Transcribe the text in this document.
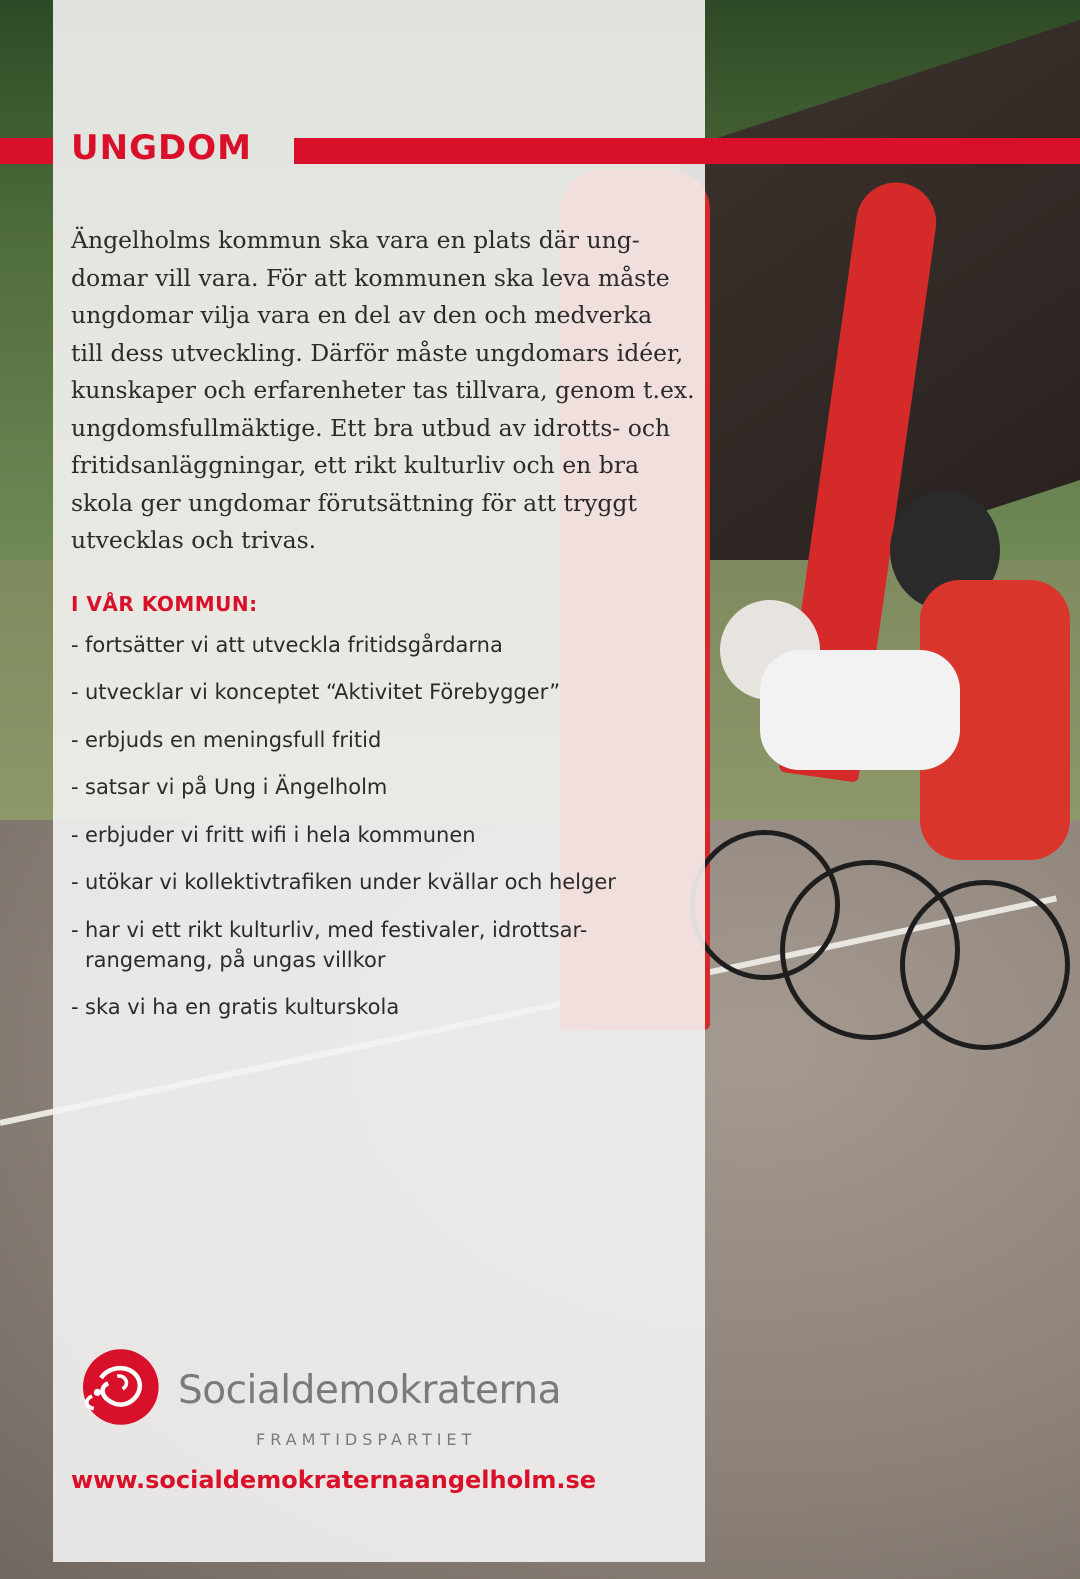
UNGDOM

Ängelholms kommun ska vara en plats där ung-
domar vill vara. För att kommunen ska leva måste
ungdomar vilja vara en del av den och medverka
till dess utveckling. Därför måste ungdomars idéer,
kunskaper och erfarenheter tas tillvara, genom t.ex.
ungdomsfullmäktige. Ett bra utbud av idrotts- och
fritidsanläggningar, ett rikt kulturliv och en bra
skola ger ungdomar förutsättning för att tryggt
utvecklas och trivas.

I VÅR KOMMUN:
- fortsätter vi att utveckla fritidsgårdarna
- utvecklar vi konceptet “Aktivitet Förebygger”
- erbjuds en meningsfull fritid
- satsar vi på Ung i Ängelholm
- erbjuder vi fritt wifi i hela kommunen
- utökar vi kollektivtrafiken under kvällar och helger
- har vi ett rikt kulturliv, med festivaler, idrottsar-
rangemang, på ungas villkor
- ska vi ha en gratis kulturskola
Socialdemokraterna
FRAMTIDSPARTIET
www.socialdemokraternaangelholm.se
